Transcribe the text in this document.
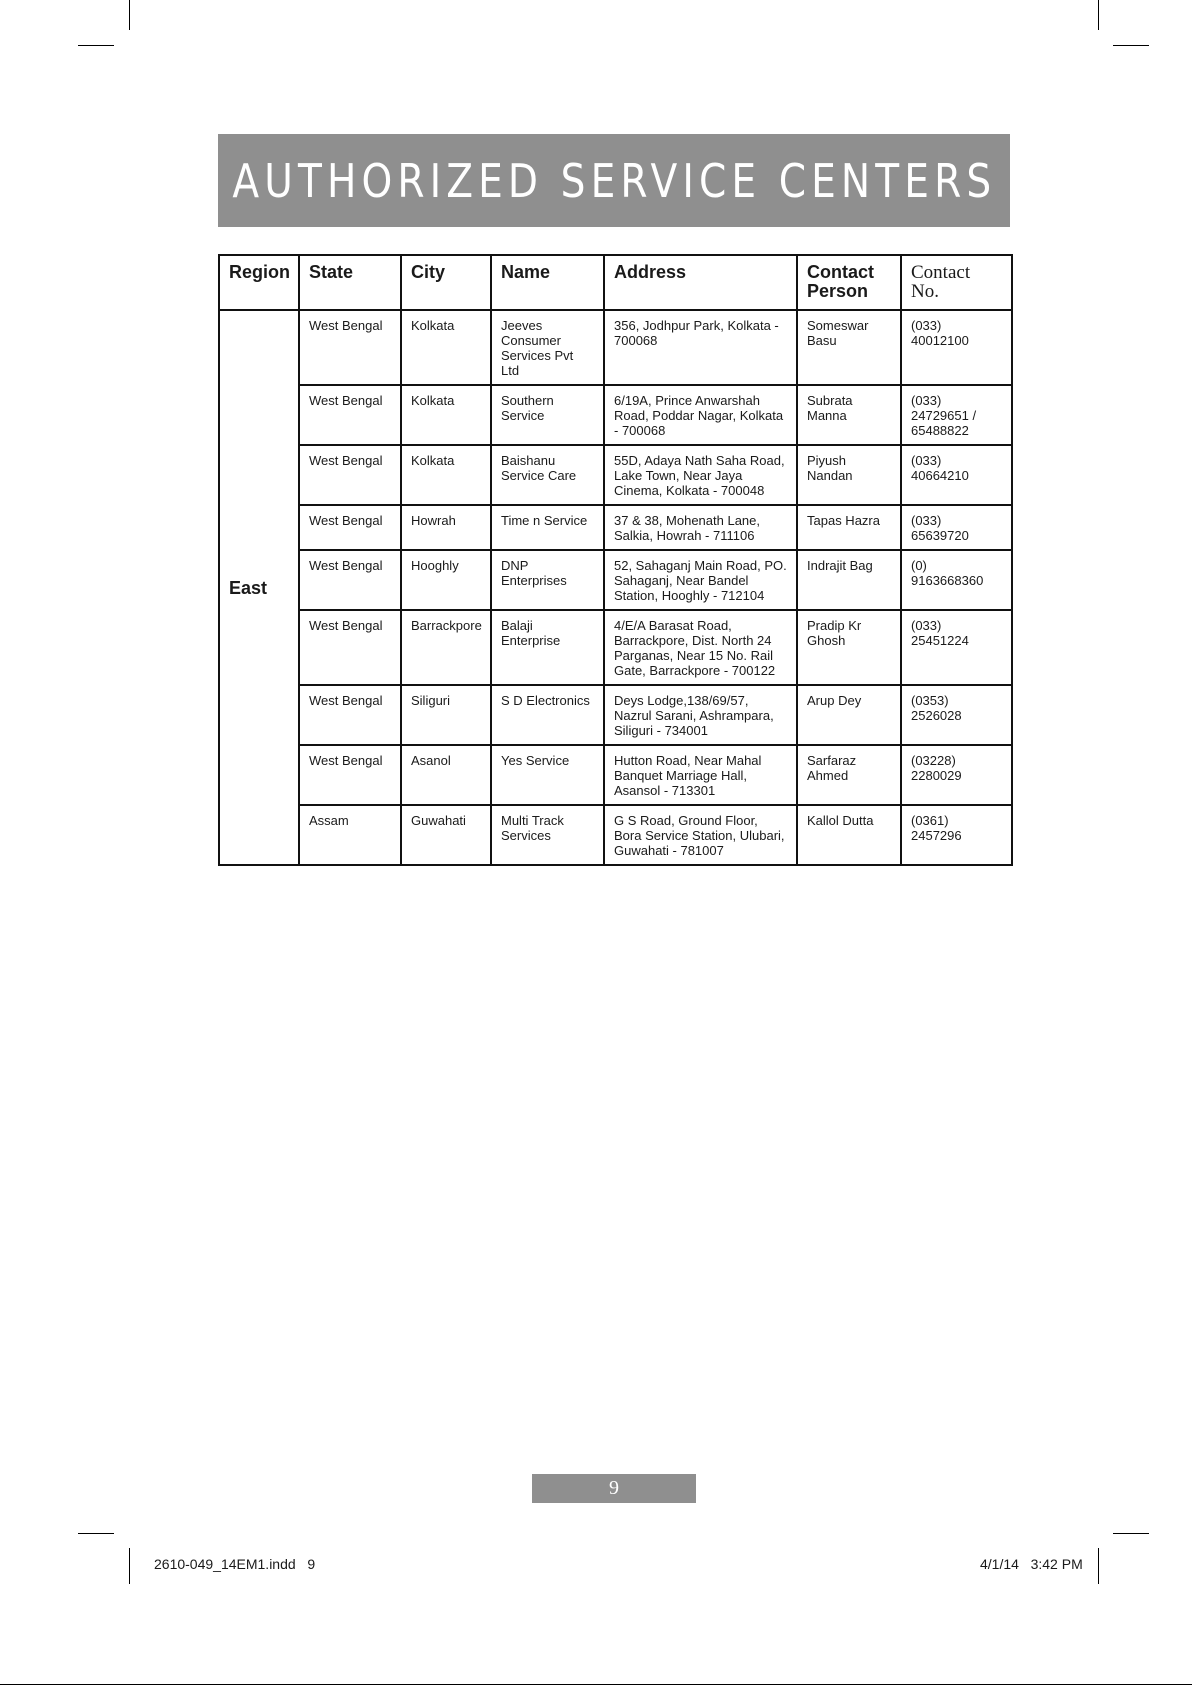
AUTHORIZED SERVICE CENTERS
Region	State	City	Name	Address	Contact Person	Contact No.
East	West Bengal	Kolkata	Jeeves Consumer Services Pvt Ltd	356, Jodhpur Park, Kolkata - 700068	Someswar Basu	(033) 40012100
	West Bengal	Kolkata	Southern Service	6/19A, Prince Anwarshah Road, Poddar Nagar, Kolkata - 700068	Subrata Manna	(033) 24729651 / 65488822
	West Bengal	Kolkata	Baishanu Service Care	55D, Adaya Nath Saha Road, Lake Town, Near Jaya Cinema, Kolkata - 700048	Piyush Nandan	(033) 40664210
	West Bengal	Howrah	Time n Service	37 & 38, Mohenath Lane, Salkia, Howrah - 711106	Tapas Hazra	(033) 65639720
	West Bengal	Hooghly	DNP Enterprises	52, Sahaganj Main Road, PO. Sahaganj, Near Bandel Station, Hooghly - 712104	Indrajit Bag	(0) 9163668360
	West Bengal	Barrackpore	Balaji Enterprise	4/E/A Barasat Road, Barrackpore, Dist. North 24 Parganas, Near 15 No. Rail Gate, Barrackpore - 700122	Pradip Kr Ghosh	(033) 25451224
	West Bengal	Siliguri	S D Electronics	Deys Lodge,138/69/57, Nazrul Sarani, Ashrampara, Siliguri - 734001	Arup Dey	(0353) 2526028
	West Bengal	Asanol	Yes Service	Hutton Road, Near Mahal Banquet Marriage Hall, Asansol - 713301	Sarfaraz Ahmed	(03228) 2280029
	Assam	Guwahati	Multi Track Services	G S Road, Ground Floor, Bora Service Station, Ulubari, Guwahati - 781007	Kallol Dutta	(0361) 2457296
9
2610-049_14EM1.indd   9	4/1/14   3:42 PM
